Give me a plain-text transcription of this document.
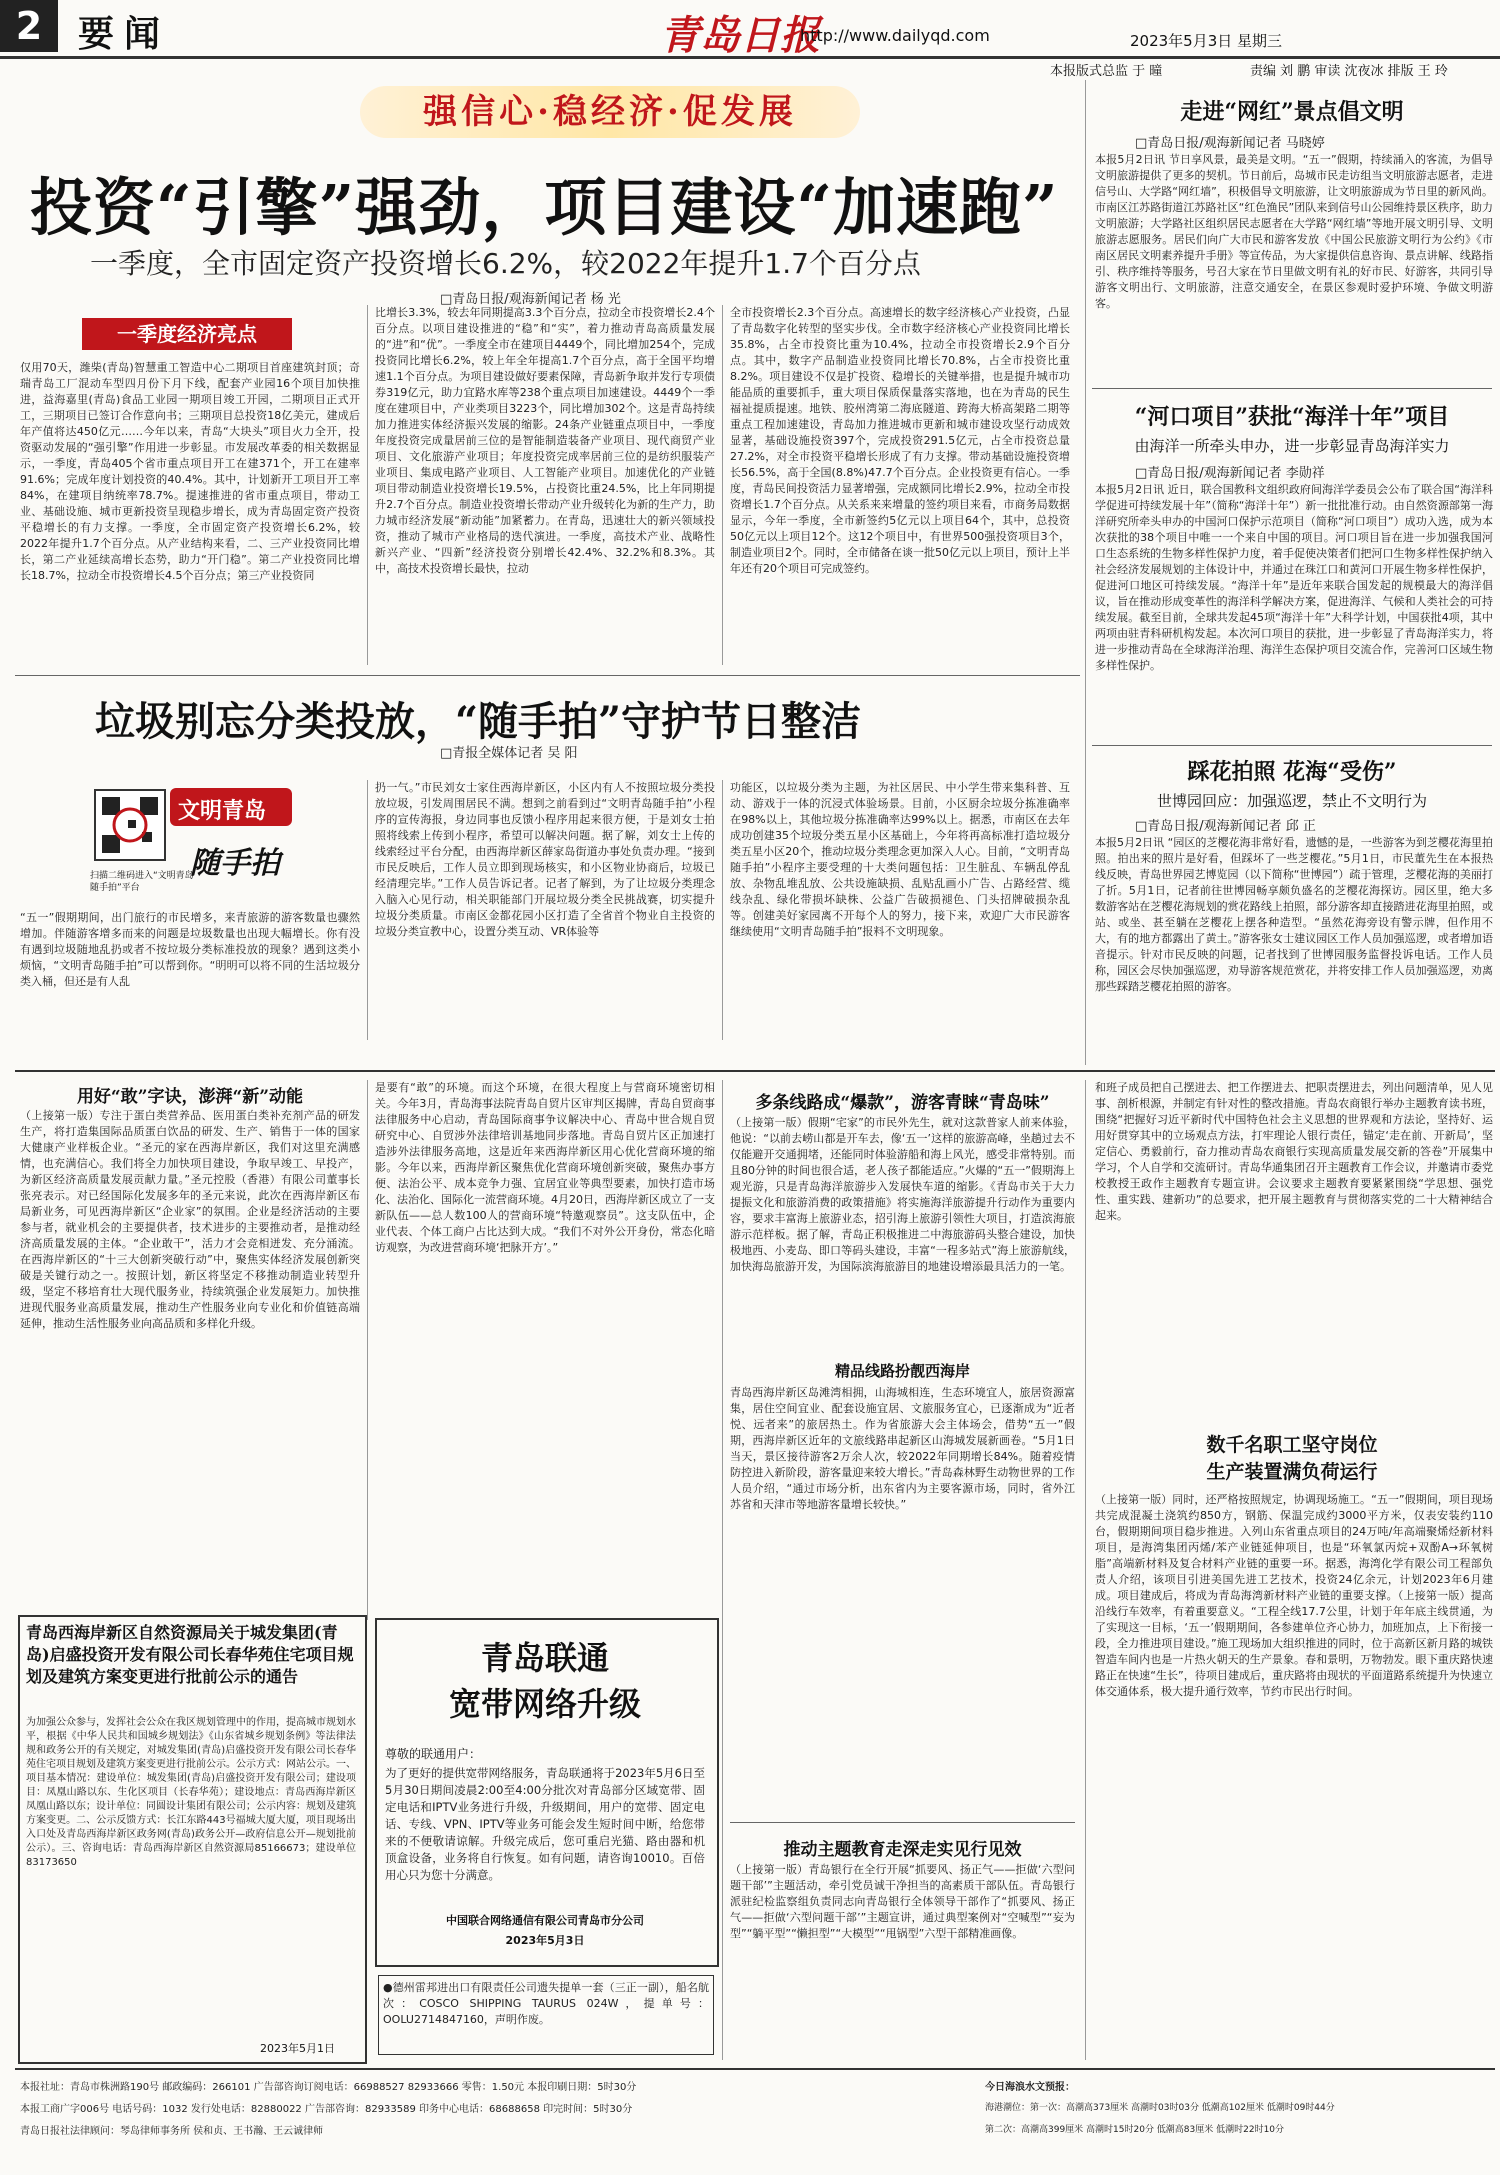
2 要闻	青岛日报
http://www.dailyqd.com	2023年5月3日 星期三
本报版式总监 于 曈	责编 刘 鹏 审读 沈夜冰 排版 王 玲
强信心·稳经济·促发展
投资“引擎”强劲，项目建设“加速跑”
一季度，全市固定资产投资增长6.2%，较2022年提升1.7个百分点
□青岛日报/观海新闻记者 杨 光
一季度经济亮点
仅用70天，潍柴(青岛)智慧重工智造中心二期项目首座建筑封顶；奇瑞青岛工厂混动车型四月份下月下线，配套产业园16个项目加快推进，益海嘉里(青岛)食品工业园一期项目竣工开园，二期项目正式开工，三期项目已签订合作意向书；三期项目总投资18亿美元，建成后年产值将达450亿元……今年以来，青岛“大块头”项目火力全开，投资驱动发展的“强引擎”作用进一步彰显。市发展改革委的相关数据显示，一季度，青岛405个省市重点项目开工在建371个，开工在建率91.6%；完成年度计划投资的40.4%。其中，计划新开工项目开工率84%，在建项目纳统率78.7%。提速推进的省市重点项目，带动工业、基础设施、城市更新投资呈现稳步增长，成为青岛固定资产投资平稳增长的有力支撑。一季度，全市固定资产投资增长6.2%，较2022年提升1.7个百分点。从产业结构来看，二、三产业投资同比增长，第二产业延续高增长态势，助力“开门稳”。第二产业投资同比增长18.7%，拉动全市投资增长4.5个百分点；第三产业投资同
比增长3.3%，较去年同期提高3.3个百分点，拉动全市投资增长2.4个百分点。以项目建设推进的“稳”和“实”，着力推动青岛高质量发展的“进”和“优”。一季度全市在建项目4449个，同比增加254个，完成投资同比增长6.2%，较上年全年提高1.7个百分点，高于全国平均增速1.1个百分点。为项目建设做好要素保障，青岛新争取并发行专项债券319亿元，助力宜路水库等238个重点项目加速建设。4449个一季度在建项目中，产业类项目3223个，同比增加302个。这是青岛持续加力推进实体经济振兴发展的缩影。24条产业链重点项目中，一季度年度投资完成量居前三位的是智能制造装备产业项目、现代商贸产业项目、文化旅游产业项目；年度投资完成率居前三位的是纺织服装产业项目、集成电路产业项目、人工智能产业项目。加速优化的产业链项目带动制造业投资增长19.5%，占投资比重24.5%，比上年同期提升2.7个百分点。制造业投资增长带动产业升级转化为新的生产力，助力城市经济发展“新动能”加紧蓄力。在青岛，迅速壮大的新兴领域投资，推动了城市产业格局的迭代演进。一季度，高技术产业、战略性新兴产业、“四新”经济投资分别增长42.4%、32.2%和8.3%。其中，高技术投资增长最快，拉动
全市投资增长2.3个百分点。高速增长的数字经济核心产业投资，凸显了青岛数字化转型的坚实步伐。全市数字经济核心产业投资同比增长35.8%，占全市投资比重为10.4%，拉动全市投资增长2.9个百分点。其中，数字产品制造业投资同比增长70.8%，占全市投资比重8.2%。项目建设不仅是扩投资、稳增长的关键举措，也是提升城市功能品质的重要抓手，重大项目保质保量落实落地，也在为青岛的民生福祉提质提速。地铁、胶州湾第二海底隧道、跨海大桥高架路二期等重点工程加速建设，青岛加力推进城市更新和城市建设攻坚行动成效显著，基础设施投资397个，完成投资291.5亿元，占全市投资总量27.2%，对全市投资平稳增长形成了有力支撑。带动基础设施投资增长56.5%，高于全国(8.8%)47.7个百分点。企业投资更有信心。一季度，青岛民间投资活力显著增强，完成额同比增长2.9%，拉动全市投资增长1.7个百分点。从关系来来增量的签约项目来看，市商务局数据显示，今年一季度，全市新签约5亿元以上项目64个，其中，总投资50亿元以上项目12个。这12个项目中，有世界500强投资项目3个，制造业项目2个。同时，全市储备在谈一批50亿元以上项目，预计上半年还有20个项目可完成签约。
垃圾别忘分类投放，“随手拍”守护节日整洁
□青报全媒体记者 吴 阳
文明青岛
随手拍
扫描二维码进入“文明青岛随手拍”平台
“五一”假期期间，出门旅行的市民增多，来青旅游的游客数量也骤然增加。伴随游客增多而来的问题是垃圾数量也出现大幅增长。你有没有遇到垃圾随地乱扔或者不按垃圾分类标准投放的现象？遇到这类小烦恼，“文明青岛随手拍”可以帮到你。“明明可以将不同的生活垃圾分类入桶，但还是有人乱
扔一气。”市民刘女士家住西海岸新区，小区内有人不按照垃圾分类投放垃圾，引发周围居民不满。想到之前看到过“文明青岛随手拍”小程序的宣传海报，身边同事也反馈小程序用起来很方便，于是刘女士拍照将线索上传到小程序，希望可以解决问题。据了解，刘女士上传的线索经过平台分配，由西海岸新区薛家岛街道办事处负责办理。“接到市民反映后，工作人员立即到现场核实，和小区物业协商后，垃圾已经清理完毕。”工作人员告诉记者。记者了解到，为了让垃圾分类理念入脑入心见行动，相关职能部门开展垃圾分类全民挑战赛，切实提升垃圾分类质量。市南区金都花园小区打造了全省首个物业自主投资的垃圾分类宣教中心，设置分类互动、VR体验等
功能区，以垃圾分类为主题，为社区居民、中小学生带来集科普、互动、游戏于一体的沉浸式体验场景。目前，小区厨余垃圾分拣准确率在98%以上，其他垃圾分拣准确率达99%以上。据悉，市南区在去年成功创建35个垃圾分类五星小区基础上，今年将再高标准打造垃圾分类五星小区20个，推动垃圾分类理念更加深入人心。目前，“文明青岛随手拍”小程序主要受理的十大类问题包括：卫生脏乱、车辆乱停乱放、杂物乱堆乱放、公共设施缺损、乱贴乱画小广告、占路经营、缆线杂乱、绿化带损坏缺株、公益广告破损褪色、门头招牌破损杂乱等。创建美好家园离不开每个人的努力，接下来，欢迎广大市民游客继续使用“文明青岛随手拍”报料不文明现象。
走进“网红”景点倡文明
□青岛日报/观海新闻记者 马晓婷
本报5月2日讯 节日享风景，最美是文明。“五一”假期，持续涌入的客流，为倡导文明旅游提供了更多的契机。节日前后，岛城市民走访组当文明旅游志愿者，走进信号山、大学路“网红墙”，积极倡导文明旅游，让文明旅游成为节日里的新风尚。市南区江苏路街道江苏路社区“红色渔民”团队来到信号山公园维持景区秩序，助力文明旅游；大学路社区组织居民志愿者在大学路“网红墙”等地开展文明引导、文明旅游志愿服务。居民们向广大市民和游客发放《中国公民旅游文明行为公约》《市南区居民文明素养提升手册》等宣传品，为大家提供信息咨询、景点讲解、线路指引、秩序维持等服务，号召大家在节日里做文明有礼的好市民、好游客，共同引导游客文明出行、文明旅游，注意交通安全，在景区参观时爱护环境、争做文明游客。
“河口项目”获批“海洋十年”项目
由海洋一所牵头申办，进一步彰显青岛海洋实力
□青岛日报/观海新闻记者 李勋祥
本报5月2日讯 近日，联合国教科文组织政府间海洋学委员会公布了联合国“海洋科学促进可持续发展十年”（简称“海洋十年”）新一批批准行动。由自然资源部第一海洋研究所牵头申办的中国河口保护示范项目（简称“河口项目”）成功入选，成为本次获批的38个项目中唯一一个来自中国的项目。河口项目旨在进一步加强我国河口生态系统的生物多样性保护力度，着手促使决策者们把河口生物多样性保护纳入社会经济发展规划的主体设计中，并通过在珠江口和黄河口开展生物多样性保护，促进河口地区可持续发展。“海洋十年”是近年来联合国发起的规模最大的海洋倡议，旨在推动形成变革性的海洋科学解决方案，促进海洋、气候和人类社会的可持续发展。截至目前，全球共发起45项“海洋十年”大科学计划，中国获批4项，其中两项由驻青科研机构发起。本次河口项目的获批，进一步彰显了青岛海洋实力，将进一步推动青岛在全球海洋治理、海洋生态保护项目交流合作，完善河口区域生物多样性保护。
踩花拍照 花海“受伤”
世博园回应：加强巡逻，禁止不文明行为
□青岛日报/观海新闻记者 邱 正
本报5月2日讯 “园区的芝樱花海非常好看，遗憾的是，一些游客为到芝樱花海里拍照。拍出来的照片是好看，但踩坏了一些芝樱花。”5月1日，市民董先生在本报热线反映，青岛世界园艺博览园（以下简称“世博园”）疏于管理，芝樱花海的美丽打了折。5月1日，记者前往世博园畅享颇负盛名的芝樱花海探访。园区里，绝大多数游客站在芝樱花海规划的赏花路线上拍照，部分游客却直接踏进花海里拍照，或站、或坐、甚至躺在芝樱花上摆各种造型。“虽然花海旁设有警示牌，但作用不大，有的地方都露出了黄土。”游客张女士建议园区工作人员加强巡逻，或者增加语音提示。针对市民反映的问题，记者找到了世博园服务监督投诉电话。工作人员称，园区会尽快加强巡逻，劝导游客规范赏花，并将安排工作人员加强巡逻，劝离那些踩踏芝樱花拍照的游客。
用好“敢”字诀，澎湃“新”动能
（上接第一版）专注于蛋白类营养品、医用蛋白类补充剂产品的研发生产，将打造集国际品质蛋白饮品的研发、生产、销售于一体的国家大健康产业样板企业。“圣元的家在西海岸新区，我们对这里充满感情，也充满信心。我们将全力加快项目建设，争取早竣工、早投产，为新区经济高质量发展贡献力量。”圣元控股（香港）有限公司董事长张亮表示。对已经国际化发展多年的圣元来说，此次在西海岸新区布局新业务，可见西海岸新区“企业家”的氛围。企业是经济活动的主要参与者，就业机会的主要提供者，技术进步的主要推动者，是推动经济高质量发展的主体。“企业敢干”，活力才会竞相迸发、充分涌流。在西海岸新区的“十三大创新突破行动”中，聚焦实体经济发展创新突破是关键行动之一。按照计划，新区将坚定不移推动制造业转型升级，坚定不移培育壮大现代服务业，持续筑强企业发展矩力。加快推进现代服务业高质量发展，推动生产性服务业向专业化和价值链高端延伸，推动生活性服务业向高品质和多样化升级。
是要有“敢”的环境。而这个环境，在很大程度上与营商环境密切相关。今年3月，青岛海事法院青岛自贸片区审判区揭牌，青岛自贸商事法律服务中心启动，青岛国际商事争议解决中心、青岛中世合规自贸研究中心、自贸涉外法律培训基地同步落地。青岛自贸片区正加速打造涉外法律服务高地，这是近年来西海岸新区用心优化营商环境的缩影。今年以来，西海岸新区聚焦优化营商环境创新突破，聚焦办事方便、法治公平、成本竞争力强、宜居宜业等典型要素，加快打造市场化、法治化、国际化一流营商环境。4月20日，西海岸新区成立了一支新队伍——总人数100人的营商环境“特邀观察员”。这支队伍中，企业代表、个体工商户占比达到大成。“我们不对外公开身份，常态化暗访观察，为改进营商环境‘把脉开方’。”
多条线路成“爆款”，游客青睐“青岛味”
（上接第一版）假期“宅家”的市民外先生，就对这款普家人前来体验，他说：“以前去崂山都是开车去，像‘五一’这样的旅游高峰，坐趟过去不仅能避开交通拥堵，还能同时体验游船和海上风光，感受非常特别。而且80分钟的时间也很合适，老人孩子都能适应。”火爆的“五一”假期海上观光游，只是青岛海洋旅游步入发展快车道的缩影。《青岛市关于大力提振文化和旅游消费的政策措施》将实施海洋旅游提升行动作为重要内容，要求丰富海上旅游业态，招引海上旅游引领性大项目，打造滨海旅游示范样板。据了解，青岛正积极推进二中海旅游码头整合建设，加快极地西、小麦岛、即口等码头建设，丰富“一程多站式”海上旅游航线，加快海岛旅游开发，为国际滨海旅游目的地建设增添最具活力的一笔。
精品线路扮靓西海岸
青岛西海岸新区岛滩湾相拥，山海城相连，生态环境宜人，旅居资源富集，居住空间宜业、配套设施宜居、文旅服务宜心，已逐渐成为“近者悦、远者来”的旅居热土。作为省旅游大会主体场会，借势“五一”假期，西海岸新区近年的文旅线路串起新区山海城发展新画卷。“5月1日当天，景区接待游客2万余人次，较2022年同期增长84%。随着疫情防控进入新阶段，游客量迎来较大增长。”青岛森林野生动物世界的工作人员介绍，“通过市场分析，出东省内为主要客源市场，同时，省外江苏省和天津市等地游客量增长较快。”
推动主题教育走深走实见行见效
（上接第一版）青岛银行在全行开展“抓要风、扬正气——拒做‘六型问题干部’”主题活动，牵引党员诚干净担当的高素质干部队伍。青岛银行派驻纪检监察组负责同志向青岛银行全体领导干部作了“抓要风、扬正气——拒做‘六型问题干部’”主题宣讲，通过典型案例对“空喊型”“妄为型”“躺平型”“懒担型”“大模型”“甩锅型”六型干部精准画像。
和班子成员把自己摆进去、把工作摆进去、把职责摆进去，列出问题清单，见人见事、剖析根源，并制定有针对性的整改措施。青岛农商银行举办主题教育读书班，围绕“把握好习近平新时代中国特色社会主义思想的世界观和方法论，坚持好、运用好贯穿其中的立场观点方法，打牢理论人银行责任，锚定‘走在前、开新局’，坚定信心、勇毅前行，奋力推动青岛农商银行实现高质量发展交新的答卷”开展集中学习，个人自学和交流研讨。青岛华通集团召开主题教育工作会议，并邀请市委党校教授王政作主题教育专题宣讲。会议要求主题教育要紧紧围绕“学思想、强党性、重实践、建新功”的总要求，把开展主题教育与贯彻落实党的二十大精神结合起来。
数千名职工坚守岗位
生产装置满负荷运行
（上接第一版）同时，还严格按照规定，协调现场施工。“五一”假期间，项目现场共完成混凝土浇筑约850方，钢筋、保温完成约3000平方米，仅表安装约110台，假期期间项目稳步推进。入列山东省重点项目的24万吨/年高端聚烯烃新材料项目，是海湾集团丙烯/苯产业链延伸项目，也是“环氧氯丙烷+双酚A→环氧树脂”高端新材料及复合材料产业链的重要一环。据悉，海湾化学有限公司工程部负责人介绍，该项目引进美国先进工艺技术，投资24亿余元，计划2023年6月建成。项目建成后，将成为青岛海湾新材料产业链的重要支撑。（上接第一版）提高沿线行车效率，有着重要意义。“工程全线17.7公里，计划于年年底主线贯通，为了实现这一目标，‘五一’假期期间，各参建单位齐心协力，加班加点，上下衔接一段，全力推进项目建设。”施工现场加大组织推进的同时，位于高新区新月路的城铁智造车间内也是一片热火朝天的生产景象。春和景明，万物勃发。眼下重庆路快速路正在快速“生长”，待项目建成后，重庆路将由现状的平面道路系统提升为快速立体交通体系，极大提升通行效率，节约市民出行时间。
青岛西海岸新区自然资源局关于城发集团(青岛)启盛投资开发有限公司长春华苑住宅项目规划及建筑方案变更进行批前公示的通告
为加强公众参与，发挥社会公众在我区规划管理中的作用，提高城市规划水平，根据《中华人民共和国城乡规划法》《山东省城乡规划条例》等法律法规和政务公开的有关规定，对城发集团(青岛)启盛投资开发有限公司长春华苑住宅项目规划及建筑方案变更进行批前公示。公示方式：网站公示。一、项目基本情况：建设单位：城发集团(青岛)启盛投资开发有限公司；建设项目：凤凰山路以东、生化区项目（长春华苑）；建设地点：青岛西海岸新区凤凰山路以东；设计单位：同圆设计集团有限公司；公示内容：规划及建筑方案变更。二、公示反馈方式：长江东路443号福城大厦大厦，项目现场出入口处及青岛西海岸新区政务网(青岛)政务公开—政府信息公开—规划批前公示）。三、咨询电话：青岛西海岸新区自然资源局85166673；建设单位83173650
2023年5月1日
青岛联通
宽带网络升级
尊敬的联通用户：
为了更好的提供宽带网络服务，青岛联通将于2023年5月6日至5月30日期间凌晨2:00至4:00分批次对青岛部分区域宽带、固定电话和IPTV业务进行升级，升级期间，用户的宽带、固定电话、专线、VPN、IPTV等业务可能会发生短时间中断，给您带来的不便敬请谅解。升级完成后，您可重启光猫、路由器和机顶盒设备，业务将自行恢复。如有问题，请咨询10010。百倍用心只为您十分满意。
中国联合网络通信有限公司青岛市分公司
2023年5月3日
●德州雷邦进出口有限责任公司遗失提单一套（三正一副），船名航次：COSCO SHIPPING TAURUS 024W，提单号：OOLU2714847160，声明作废。
本报社址：青岛市株洲路190号 邮政编码：266101 广告部咨询订阅电话：66988527 82933666 零售：1.50元 本报印刷日期：5时30分
本报工商广字006号 电话号码：1032 发行处电话：82880022 广告部咨询：82933589 印务中心电话：68688658 印完时间：5时30分
青岛日报社法律顾问：琴岛律师事务所 侯和贞、王书瀚、王云诚律师
今日海浪水文预报：
海港潮位：第一次：高潮高373厘米 高潮时03时03分 低潮高102厘米 低潮时09时44分
第二次：高潮高399厘米 高潮时15时20分 低潮高83厘米 低潮时22时10分
